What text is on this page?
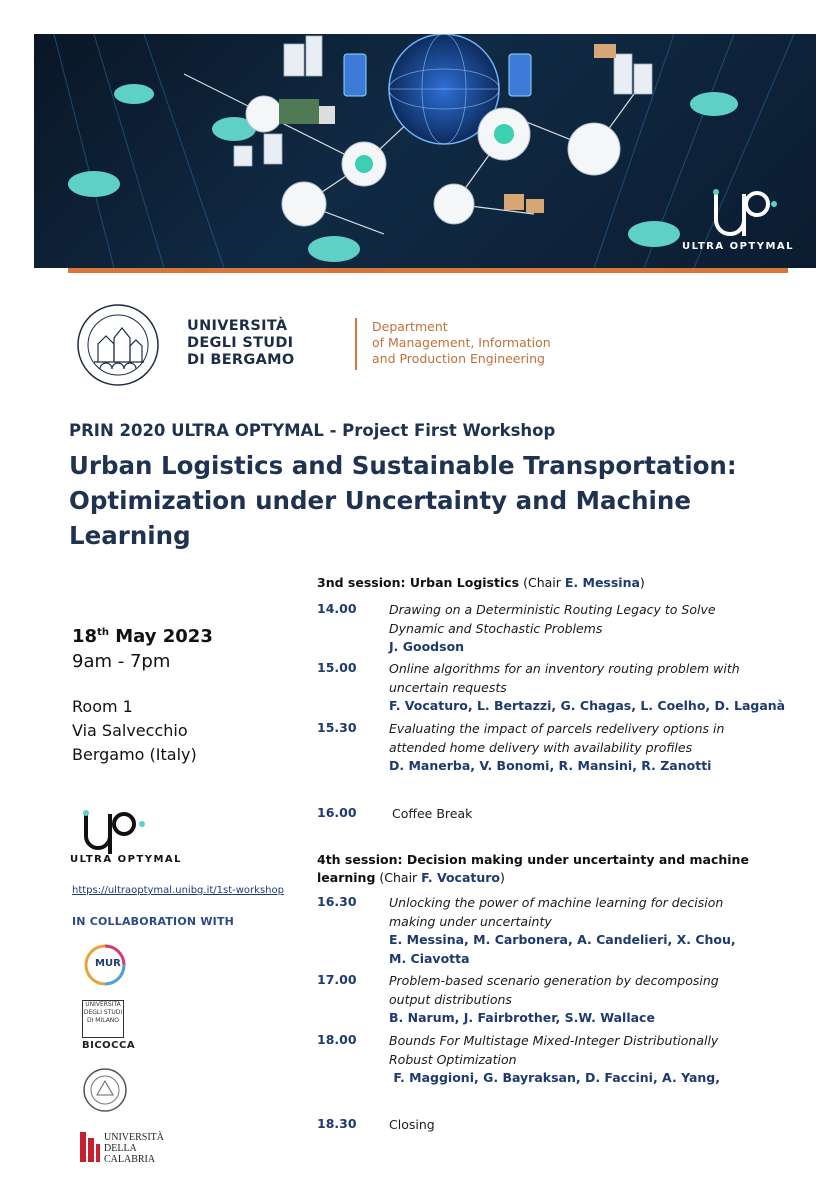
ULTRA OPTYMAL
UNIVERSITÀ
DEGLI STUDI
DI BERGAMO
Department
of Management, Information
and Production Engineering
PRIN 2020 ULTRA OPTYMAL - Project First Workshop
Urban Logistics and Sustainable Transportation:
Optimization under Uncertainty and Machine
Learning
18th May 2023
9am - 7pm
Room 1
Via Salvecchio
Bergamo (Italy)
ULTRA OPTYMAL
https://ultraoptymal.unibg.it/1st-workshop
IN COLLABORATION WITH
MUR
UNIVERSITÀ
DEGLI STUDI
DI MILANO
BICOCCA
UNIVERSITÀ
DELLA
CALABRIA
3nd session: Urban Logistics (Chair E. Messina)
14.00	Drawing on a Deterministic Routing Legacy to Solve
Dynamic and Stochastic Problems
J. Goodson
15.00	Online algorithms for an inventory routing problem with
uncertain requests
F. Vocaturo, L. Bertazzi, G. Chagas, L. Coelho, D. Laganà
15.30	Evaluating the impact of parcels redelivery options in
attended home delivery with availability profiles
D. Manerba, V. Bonomi, R. Mansini, R. Zanotti
16.00	Coffee Break
4th session: Decision making under uncertainty and machine
learning (Chair F. Vocaturo)
16.30	Unlocking the power of machine learning for decision
making under uncertainty
E. Messina, M. Carbonera, A. Candelieri, X. Chou,
M. Ciavotta
17.00	Problem-based scenario generation by decomposing
output distributions
B. Narum, J. Fairbrother, S.W. Wallace
18.00	Bounds For Multistage Mixed-Integer Distributionally
Robust Optimization
F. Maggioni, G. Bayraksan, D. Faccini, A. Yang,
18.30	Closing
